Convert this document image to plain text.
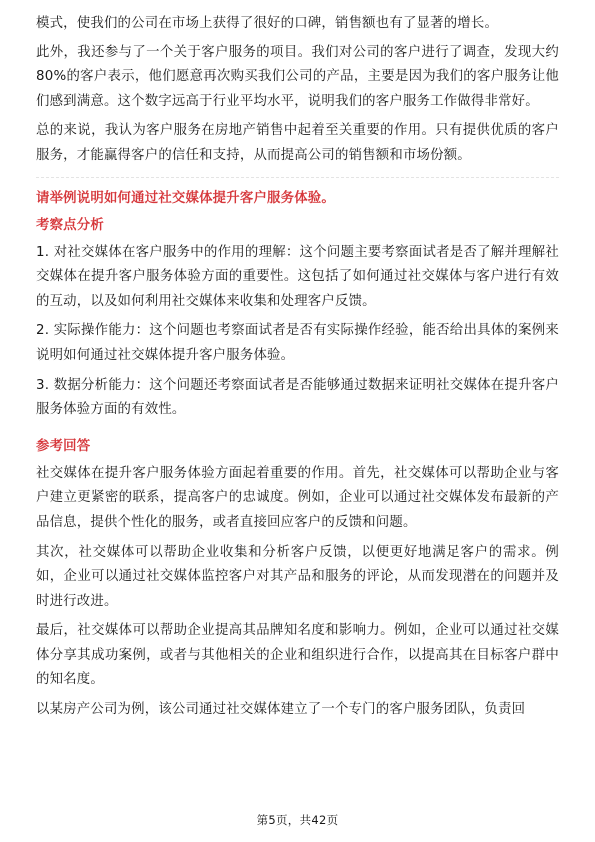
模式，使我们的公司在市场上获得了很好的口碑，销售额也有了显著的增长。

此外，我还参与了一个关于客户服务的项目。我们对公司的客户进行了调查，发现大约80%的客户表示，他们愿意再次购买我们公司的产品，主要是因为我们的客户服务让他们感到满意。这个数字远高于行业平均水平，说明我们的客户服务工作做得非常好。

总的来说，我认为客户服务在房地产销售中起着至关重要的作用。只有提供优质的客户服务，才能赢得客户的信任和支持，从而提高公司的销售额和市场份额。

请举例说明如何通过社交媒体提升客户服务体验。

考察点分析

1. 对社交媒体在客户服务中的作用的理解：这个问题主要考察面试者是否了解并理解社交媒体在提升客户服务体验方面的重要性。这包括了如何通过社交媒体与客户进行有效的互动，以及如何利用社交媒体来收集和处理客户反馈。

2. 实际操作能力：这个问题也考察面试者是否有实际操作经验，能否给出具体的案例来说明如何通过社交媒体提升客户服务体验。

3. 数据分析能力：这个问题还考察面试者是否能够通过数据来证明社交媒体在提升客户服务体验方面的有效性。

参考回答

社交媒体在提升客户服务体验方面起着重要的作用。首先，社交媒体可以帮助企业与客户建立更紧密的联系，提高客户的忠诚度。例如，企业可以通过社交媒体发布最新的产品信息，提供个性化的服务，或者直接回应客户的反馈和问题。

其次，社交媒体可以帮助企业收集和分析客户反馈，以便更好地满足客户的需求。例如，企业可以通过社交媒体监控客户对其产品和服务的评论，从而发现潜在的问题并及时进行改进。

最后，社交媒体可以帮助企业提高其品牌知名度和影响力。例如，企业可以通过社交媒体分享其成功案例，或者与其他相关的企业和组织进行合作，以提高其在目标客户群中的知名度。

以某房产公司为例，该公司通过社交媒体建立了一个专门的客户服务团队，负责回

第5页，共42页
